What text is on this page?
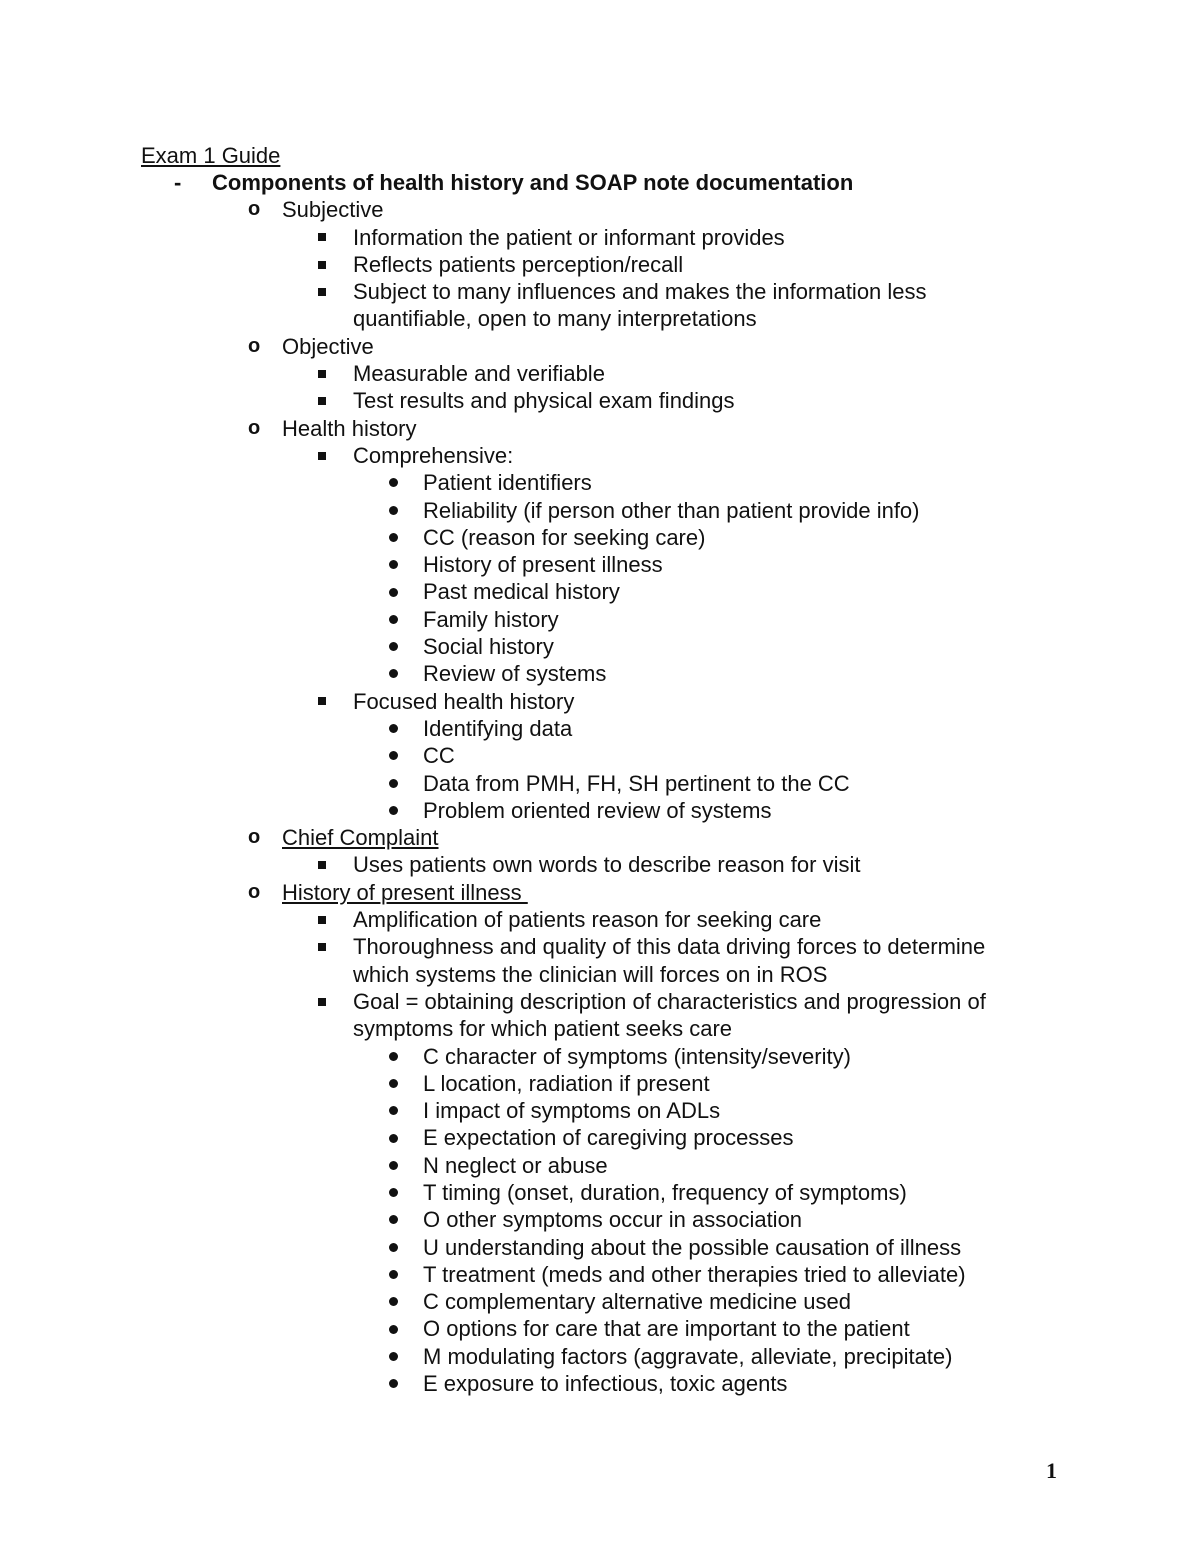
Exam 1 Guide
- Components of health history and SOAP note documentation
o Subjective
Information the patient or informant provides
Reflects patients perception/recall
Subject to many influences and makes the information less quantifiable, open to many interpretations
o Objective
Measurable and verifiable
Test results and physical exam findings
o Health history
Comprehensive:
Patient identifiers
Reliability (if person other than patient provide info)
CC (reason for seeking care)
History of present illness
Past medical history
Family history
Social history
Review of systems
Focused health history
Identifying data
CC
Data from PMH, FH, SH pertinent to the CC
Problem oriented review of systems
o Chief Complaint
Uses patients own words to describe reason for visit
o History of present illness
Amplification of patients reason for seeking care
Thoroughness and quality of this data driving forces to determine which systems the clinician will forces on in ROS
Goal = obtaining description of characteristics and progression of symptoms for which patient seeks care
C character of symptoms (intensity/severity)
L location, radiation if present
I impact of symptoms on ADLs
E expectation of caregiving processes
N neglect or abuse
T timing (onset, duration, frequency of symptoms)
O other symptoms occur in association
U understanding about the possible causation of illness
T treatment (meds and other therapies tried to alleviate)
C complementary alternative medicine used
O options for care that are important to the patient
M modulating factors (aggravate, alleviate, precipitate)
E exposure to infectious, toxic agents
1
